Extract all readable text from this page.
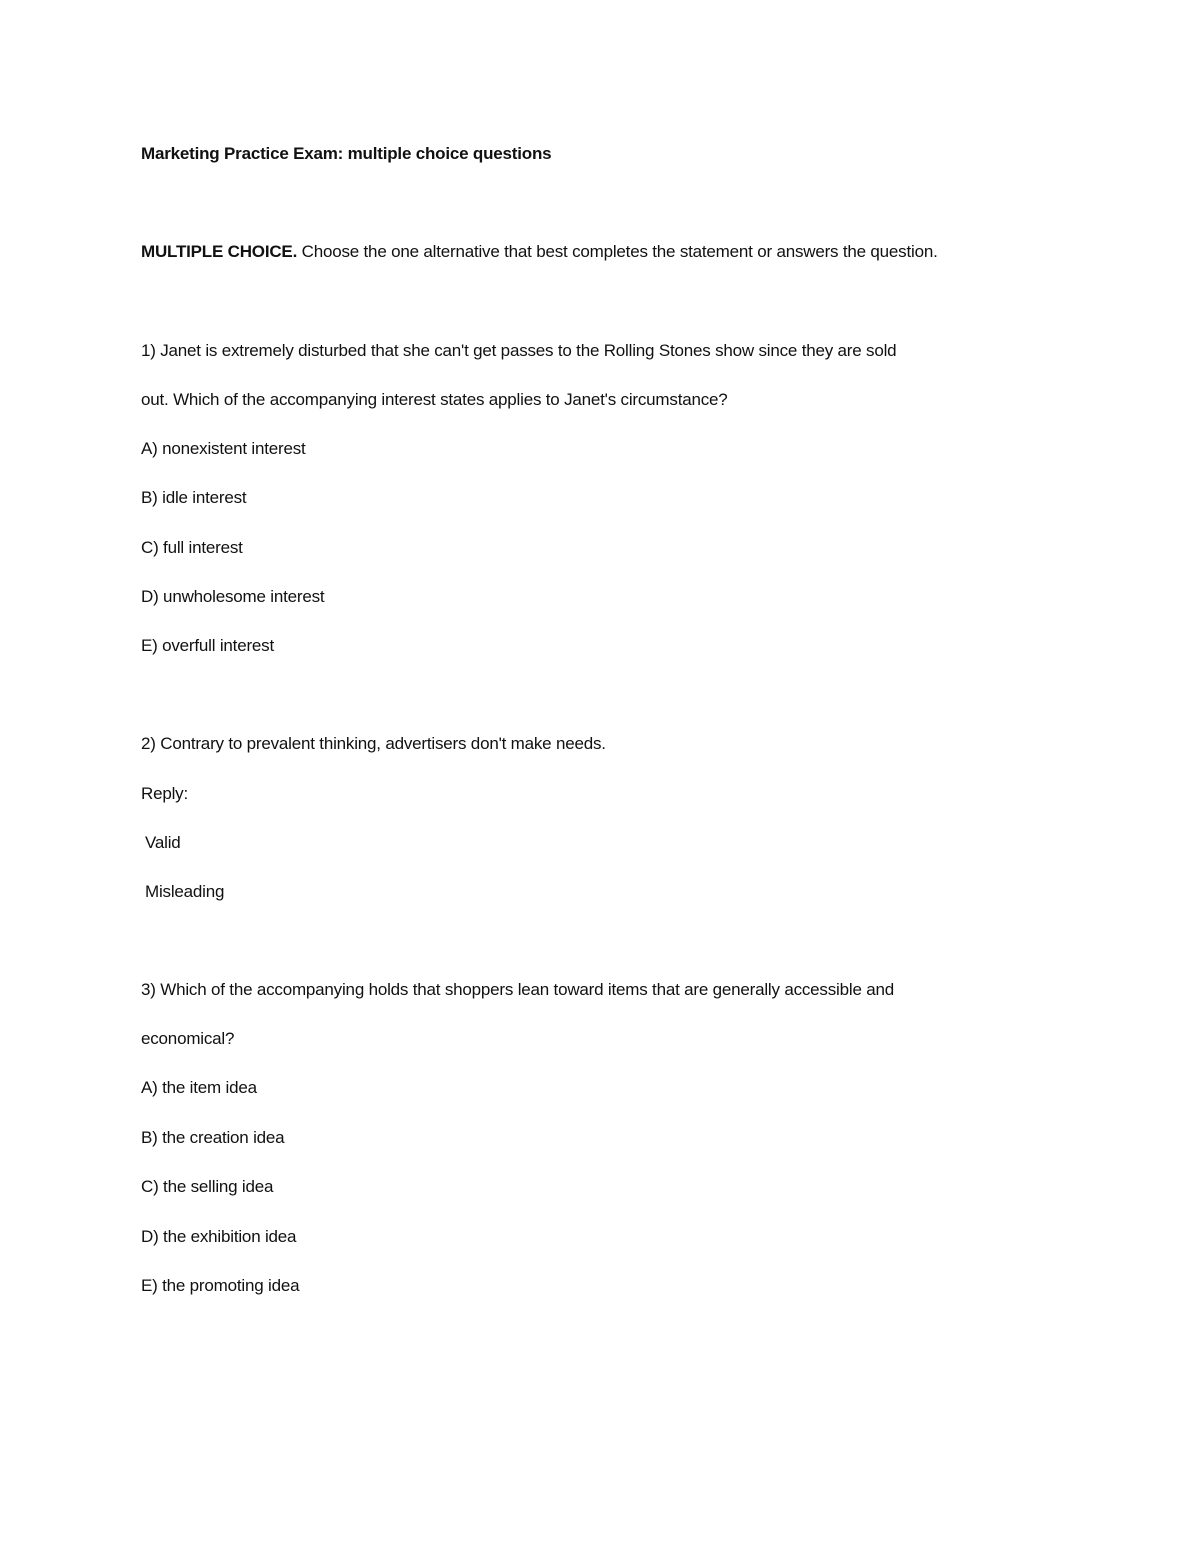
Marketing Practice Exam: multiple choice questions
MULTIPLE CHOICE. Choose the one alternative that best completes the statement or answers the question.
1) Janet is extremely disturbed that she can't get passes to the Rolling Stones show since they are sold
out. Which of the accompanying interest states applies to Janet's circumstance?
A) nonexistent interest
B) idle interest
C) full interest
D) unwholesome interest
E) overfull interest
2) Contrary to prevalent thinking, advertisers don't make needs.
Reply:
Valid
Misleading
3) Which of the accompanying holds that shoppers lean toward items that are generally accessible and
economical?
A) the item idea
B) the creation idea
C) the selling idea
D) the exhibition idea
E) the promoting idea
